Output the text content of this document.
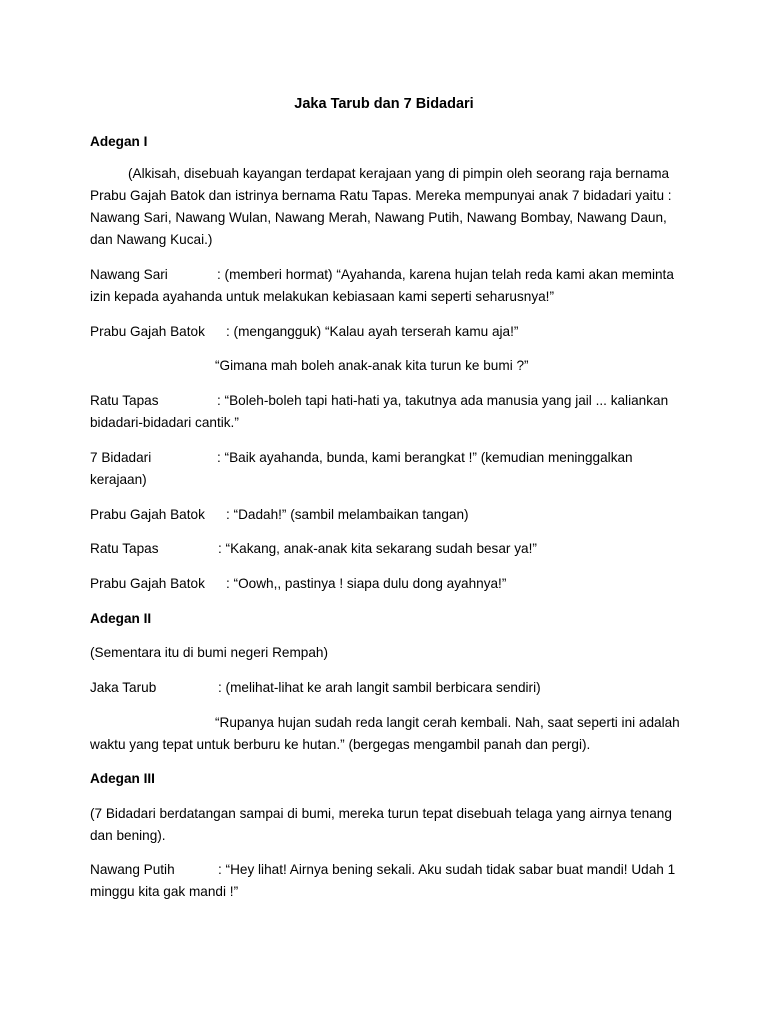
Jaka Tarub dan 7 Bidadari
Adegan I
(Alkisah, disebuah kayangan terdapat kerajaan yang di pimpin oleh seorang raja bernama Prabu Gajah Batok dan istrinya bernama Ratu Tapas. Mereka mempunyai anak 7 bidadari yaitu : Nawang Sari, Nawang Wulan, Nawang Merah, Nawang Putih, Nawang Bombay, Nawang Daun, dan Nawang Kucai.)
Nawang Sari	: (memberi hormat) “Ayahanda, karena hujan telah reda kami akan meminta izin kepada ayahanda untuk melakukan kebiasaan kami seperti seharusnya!”
Prabu Gajah Batok : (mengangguk) “Kalau ayah terserah kamu aja!”
“Gimana mah boleh anak-anak kita turun ke bumi ?”
Ratu Tapas	: “Boleh-boleh tapi hati-hati ya, takutnya ada manusia yang jail ... kaliankan bidadari-bidadari cantik.”
7 Bidadari	: “Baik ayahanda, bunda, kami berangkat !” (kemudian meninggalkan kerajaan)
Prabu Gajah Batok : “Dadah!” (sambil melambaikan tangan)
Ratu Tapas	: “Kakang, anak-anak kita sekarang sudah besar ya!”
Prabu Gajah Batok : “Oowh,, pastinya ! siapa dulu dong ayahnya!”
Adegan II
(Sementara itu di bumi negeri Rempah)
Jaka Tarub	: (melihat-lihat ke arah langit sambil berbicara sendiri)
“Rupanya hujan sudah reda langit cerah kembali. Nah, saat seperti ini adalah waktu yang tepat untuk berburu ke hutan.” (bergegas mengambil panah dan pergi).
Adegan III
(7 Bidadari berdatangan sampai di bumi, mereka turun tepat disebuah telaga yang airnya tenang dan bening).
Nawang Putih	: “Hey lihat! Airnya bening sekali. Aku sudah tidak sabar buat mandi! Udah 1 minggu kita gak mandi !”
